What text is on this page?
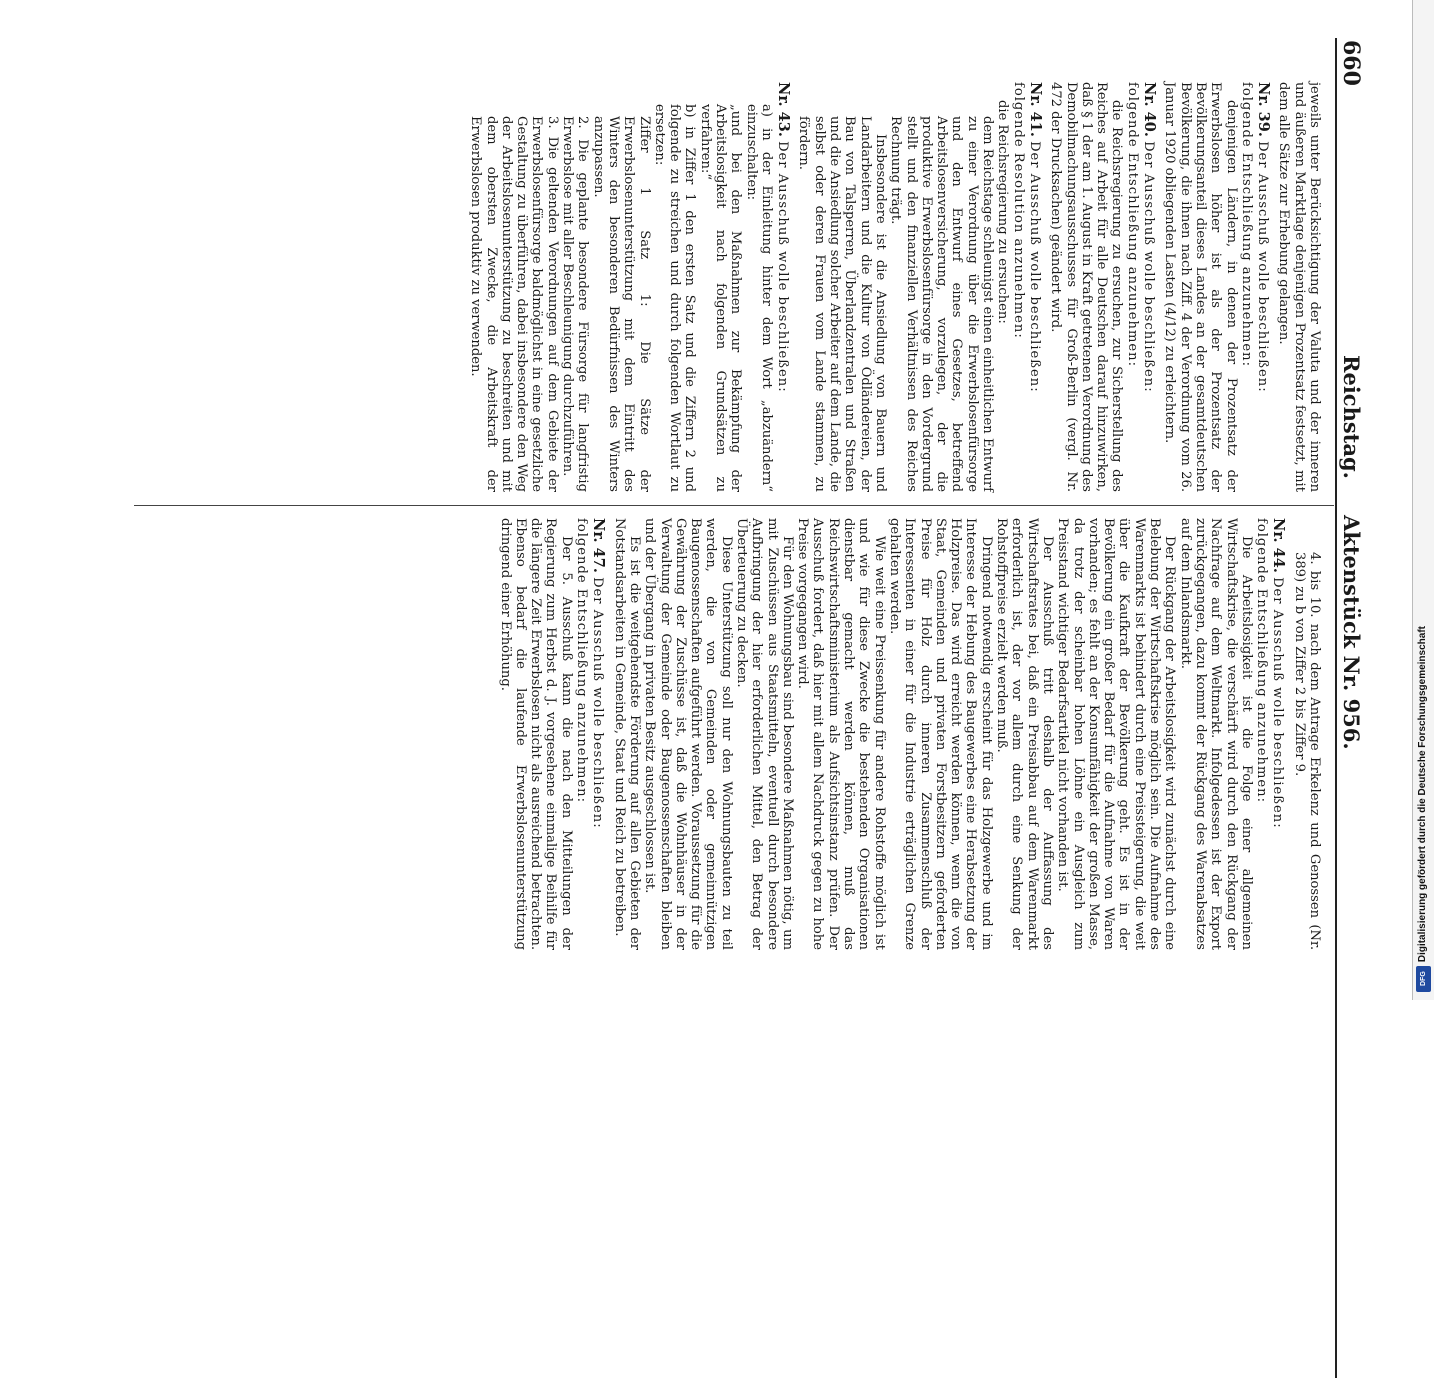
660
Reichstag.
Aktenstück Nr. 956.

jeweils unter Berücksichtigung der Valuta und der inneren und äußeren Marktlage denjenigen Prozentsatz festsetzt, mit dem alle Sätze zur Erhebung gelangen.

Nr. 39. Der Ausschuß wolle beschließen:

folgende Entschließung anzunehmen:

denjenigen Ländern, in denen der Prozentsatz der Erwerbslosen höher ist als der Prozentsatz der Bevölkerungsanteil dieses Landes an der gesamtdeutschen Bevölkerung, die ihnen nach Ziff. 4 der Verordnung vom 26. Januar 1920 obliegenden Lasten (4/12) zu erleichtern.

Nr. 40. Der Ausschuß wolle beschließen:

folgende Entschließung anzunehmen:

die Reichsregierung zu ersuchen, zur Sicherstellung des Reiches auf Arbeit für alle Deutschen darauf hinzuwirken, daß § 1 der am 1. August in Kraft getretenen Verordnung des Demobilmachungsausschusses für Groß-Berlin (vergl. Nr. 472 der Drucksachen) geändert wird.

Nr. 41. Der Ausschuß wolle beschließen:

folgende Resolution anzunehmen:

die Reichsregierung zu ersuchen:

dem Reichstage schleunigst einen einheitlichen Entwurf zu einer Verordnung über die Erwerbslosenfürsorge und den Entwurf eines Gesetzes, betreffend Arbeitslosenversicherung, vorzulegen, der die produktive Erwerbslosenfürsorge in den Vordergrund stellt und den finanziellen Verhältnissen des Reiches Rechnung trägt.

Insbesondere ist die Ansiedlung von Bauern und Landarbeitern und die Kultur von Ödländereien, der Bau von Talsperren, Überlandzentralen und Straßen und die Ansiedlung solcher Arbeiter auf dem Lande, die selbst oder deren Frauen vom Lande stammen, zu fördern.

Nr. 43. Der Ausschuß wolle beschließen:

a) in der Einleitung hinter dem Wort „abzuändern“ einzuschalten:

„und bei den Maßnahmen zur Bekämpfung der Arbeitslosigkeit nach folgenden Grundsätzen zu verfahren:“

b) in Ziffer 1 den ersten Satz und die Ziffern 2 und folgende zu streichen und durch folgenden Wortlaut zu ersetzen:

Ziffer 1 Satz 1: Die Sätze der Erwerbslosenunterstützung mit dem Eintritt des Winters den besonderen Bedürfnissen des Winters anzupassen.

2. Die geplante besondere Fürsorge für langfristig Erwerbslose mit aller Beschleunigung durchzuführen.

3. Die geltenden Verordnungen auf dem Gebiete der Erwerbslosenfürsorge baldmöglichst in eine gesetzliche Gestaltung zu überführen, dabei insbesondere den Weg der Arbeitslosenunterstützung zu beschreiten und mit dem obersten Zwecke, die Arbeitskraft der Erwerbslosen produktiv zu verwenden.

4. bis 10. nach dem Antrage Erkelenz und Genossen (Nr. 389) zu b von Ziffer 2 bis Ziffer 9.

Nr. 44. Der Ausschuß wolle beschließen:

folgende Entschließung anzunehmen:

Die Arbeitslosigkeit ist die Folge einer allgemeinen Wirtschaftskrise, die verschärft wird durch den Rückgang der Nachfrage auf dem Weltmarkt. Infolgedessen ist der Export zurückgegangen, dazu kommt der Rückgang des Warenabsatzes auf dem Inlandsmarkt.

Der Rückgang der Arbeitslosigkeit wird zunächst durch eine Belebung der Wirtschaftskrise möglich sein. Die Aufnahme des Warenmarkts ist behindert durch eine Preissteigerung, die weit über die Kaufkraft der Bevölkerung geht. Es ist in der Bevölkerung ein großer Bedarf für die Aufnahme von Waren vorhanden; es fehlt an der Konsumfähigkeit der großen Masse, da trotz der scheinbar hohen Löhne ein Ausgleich zum Preisstand wichtiger Bedarfsartikel nicht vorhanden ist.

Der Ausschuß tritt deshalb der Auffassung des Wirtschaftsrates bei, daß ein Preisabbau auf dem Warenmarkt erforderlich ist, der vor allem durch eine Senkung der Rohstoffpreise erzielt werden muß.

Dringend notwendig erscheint für das Holzgewerbe und im Interesse der Hebung des Baugewerbes eine Herabsetzung der Holzpreise. Das wird erreicht werden können, wenn die von Staat, Gemeinden und privaten Forstbesitzern geforderten Preise für Holz durch inneren Zusammenschluß der Interessenten in einer für die Industrie erträglichen Grenze gehalten werden.

Wie weit eine Preissenkung für andere Rohstoffe möglich ist und wie für diese Zwecke die bestehenden Organisationen dienstbar gemacht werden können, muß das Reichswirtschaftsministerium als Aufsichtsinstanz prüfen. Der Ausschuß fordert, daß hier mit allem Nachdruck gegen zu hohe Preise vorgegangen wird.

Für den Wohnungsbau sind besondere Maßnahmen nötig, um mit Zuschüssen aus Staatsmitteln, eventuell durch besondere Aufbringung der hier erforderlichen Mittel, den Betrag der Überteuerung zu decken.

Diese Unterstützung soll nur den Wohnungsbauten zu teil werden, die von Gemeinden oder gemeinnützigen Baugenossenschaften aufgeführt werden. Voraussetzung für die Gewährung der Zuschüsse ist, daß die Wohnhäuser in der Verwaltung der Gemeinde oder Baugenossenschaften bleiben und der Übergang in privaten Besitz ausgeschlossen ist.

Es ist die weitgehendste Förderung auf allen Gebieten der Notstandsarbeiten in Gemeinde, Staat und Reich zu betreiben.

Nr. 47. Der Ausschuß wolle beschließen:

folgende Entschließung anzunehmen:

Der 5. Ausschuß kann die nach den Mitteilungen der Regierung zum Herbst d. J. vorgesehene einmalige Beihilfe für die längere Zeit Erwerbslosen nicht als ausreichend betrachten. Ebenso bedarf die laufende Erwerbslosenunterstützung dringend einer Erhöhung.

Digitalisierung gefördert durch die Deutsche Forschungsgemeinschaft
DFG
